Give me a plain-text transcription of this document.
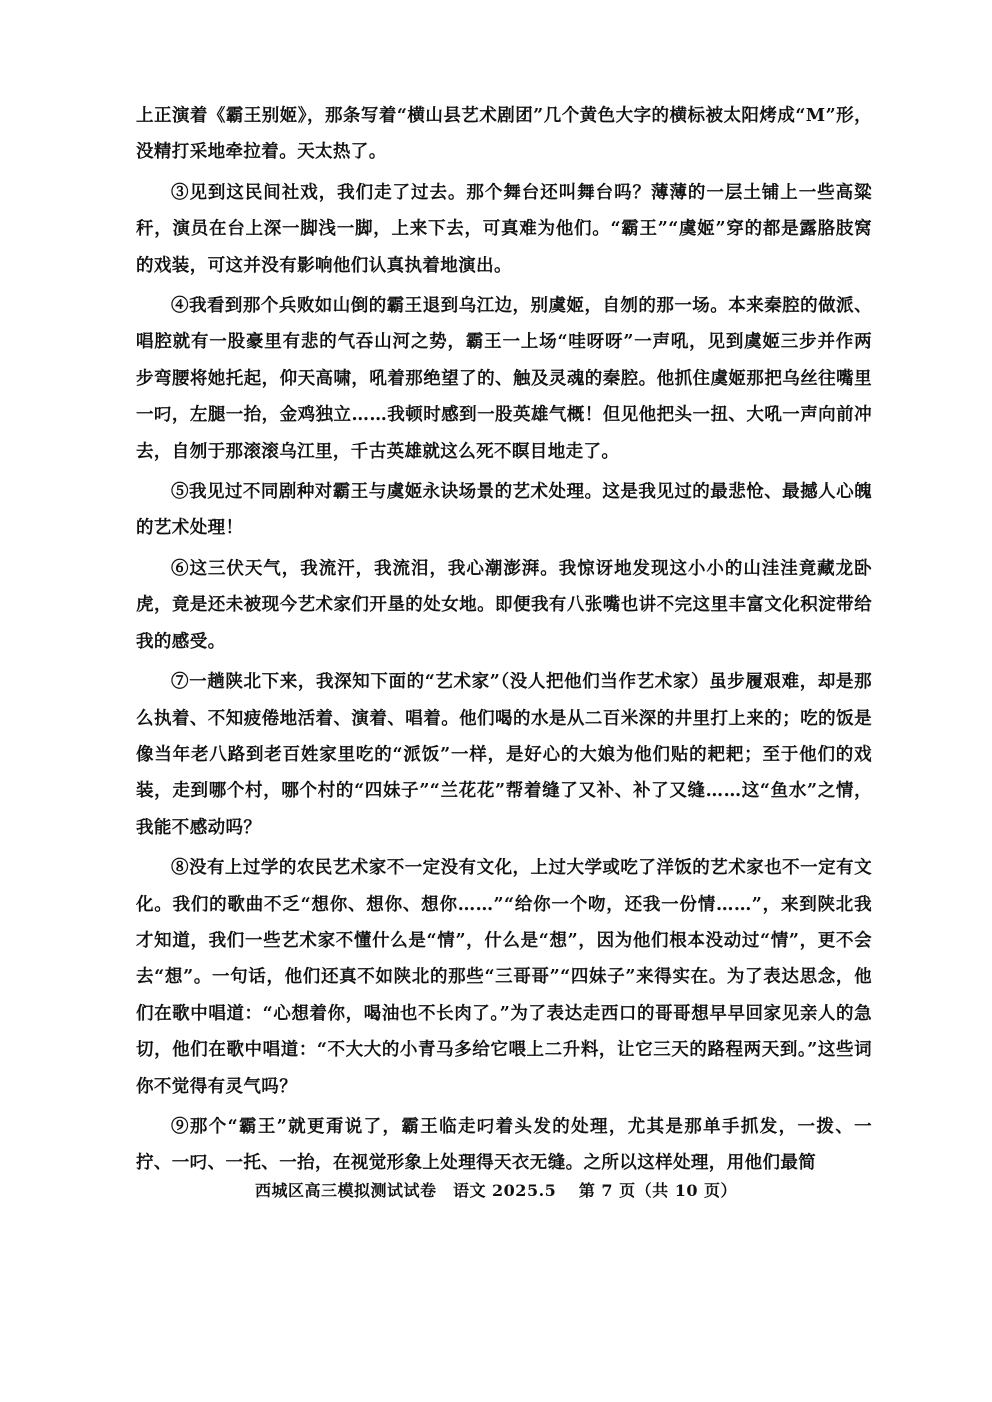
上正演着《霸王别姬》，那条写着“横山县艺术剧团”几个黄色大字的横标被太阳烤成“M”形，没精打采地牵拉着。天太热了。

③见到这民间社戏，我们走了过去。那个舞台还叫舞台吗？薄薄的一层土铺上一些高粱秆，演员在台上深一脚浅一脚，上来下去，可真难为他们。“霸王”“虞姬”穿的都是露胳肢窝的戏装，可这并没有影响他们认真执着地演出。

④我看到那个兵败如山倒的霸王退到乌江边，别虞姬，自刎的那一场。本来秦腔的做派、唱腔就有一股豪里有悲的气吞山河之势，霸王一上场“哇呀呀”一声吼，见到虞姬三步并作两步弯腰将她托起，仰天高啸，吼着那绝望了的、触及灵魂的秦腔。他抓住虞姬那把乌丝往嘴里一叼，左腿一抬，金鸡独立……我顿时感到一股英雄气概！但见他把头一扭、大吼一声向前冲去，自刎于那滚滚乌江里，千古英雄就这么死不瞑目地走了。

⑤我见过不同剧种对霸王与虞姬永诀场景的艺术处理。这是我见过的最悲怆、最撼人心魄的艺术处理！

⑥这三伏天气，我流汗，我流泪，我心潮澎湃。我惊讶地发现这小小的山洼洼竟藏龙卧虎，竟是还未被现今艺术家们开垦的处女地。即便我有八张嘴也讲不完这里丰富文化积淀带给我的感受。

⑦一趟陕北下来，我深知下面的“艺术家”（没人把他们当作艺术家）虽步履艰难，却是那么执着、不知疲倦地活着、演着、唱着。他们喝的水是从二百米深的井里打上来的；吃的饭是像当年老八路到老百姓家里吃的“派饭”一样，是好心的大娘为他们贴的耙耙；至于他们的戏装，走到哪个村，哪个村的“四妹子”“兰花花”帮着缝了又补、补了又缝……这“鱼水”之情，我能不感动吗？

⑧没有上过学的农民艺术家不一定没有文化，上过大学或吃了洋饭的艺术家也不一定有文化。我们的歌曲不乏“想你、想你、想你……”“给你一个吻，还我一份情……”，来到陕北我才知道，我们一些艺术家不懂什么是“情”，什么是“想”，因为他们根本没动过“情”，更不会去“想”。一句话，他们还真不如陕北的那些“三哥哥”“四妹子”来得实在。为了表达思念，他们在歌中唱道：“心想着你，喝油也不长肉了。”为了表达走西口的哥哥想早早回家见亲人的急切，他们在歌中唱道：“不大大的小青马多给它喂上二升料，让它三天的路程两天到。”这些词你不觉得有灵气吗？

⑨那个“霸王”就更甭说了，霸王临走叼着头发的处理，尤其是那单手抓发，一拨、一拧、一叼、一托、一抬，在视觉形象上处理得天衣无缝。之所以这样处理，用他们最简

西城区高三模拟测试试卷　语文 2025.5　 第 7 页（共 10 页）
